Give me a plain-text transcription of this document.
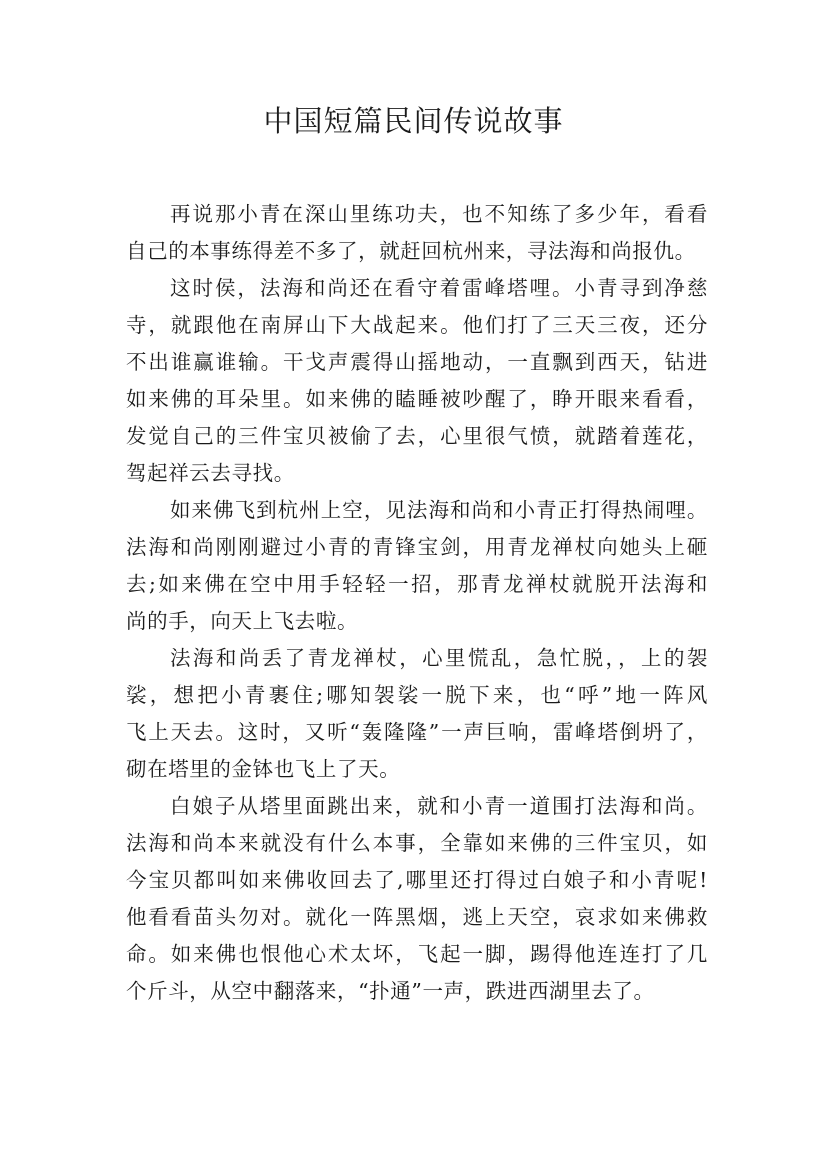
中国短篇民间传说故事
再说那小青在深山里练功夫，也不知练了多少年，看看
自己的本事练得差不多了，就赶回杭州来，寻法海和尚报仇。
这时侯，法海和尚还在看守着雷峰塔哩。小青寻到净慈
寺，就跟他在南屏山下大战起来。他们打了三天三夜，还分
不出谁赢谁输。干戈声震得山摇地动，一直飘到西天，钻进
如来佛的耳朵里。如来佛的瞌睡被吵醒了，睁开眼来看看，
发觉自己的三件宝贝被偷了去，心里很气愤，就踏着莲花，
驾起祥云去寻找。
如来佛飞到杭州上空，见法海和尚和小青正打得热闹哩。
法海和尚刚刚避过小青的青锋宝剑，用青龙禅杖向她头上砸
去;如来佛在空中用手轻轻一招，那青龙禅杖就脱开法海和
尚的手，向天上飞去啦。
法海和尚丢了青龙禅杖，心里慌乱，急忙脱，，上的袈
裟，想把小青裹住;哪知袈裟一脱下来，也“呼”地一阵风
飞上天去。这时，又听“轰隆隆”一声巨响，雷峰塔倒坍了，
砌在塔里的金钵也飞上了天。
白娘子从塔里面跳出来，就和小青一道围打法海和尚。
法海和尚本来就没有什么本事，全靠如来佛的三件宝贝，如
今宝贝都叫如来佛收回去了,哪里还打得过白娘子和小青呢!
他看看苗头勿对。就化一阵黑烟，逃上天空，哀求如来佛救
命。如来佛也恨他心术太坏，飞起一脚，踢得他连连打了几
个斤斗，从空中翻落来，“扑通”一声，跌进西湖里去了。
